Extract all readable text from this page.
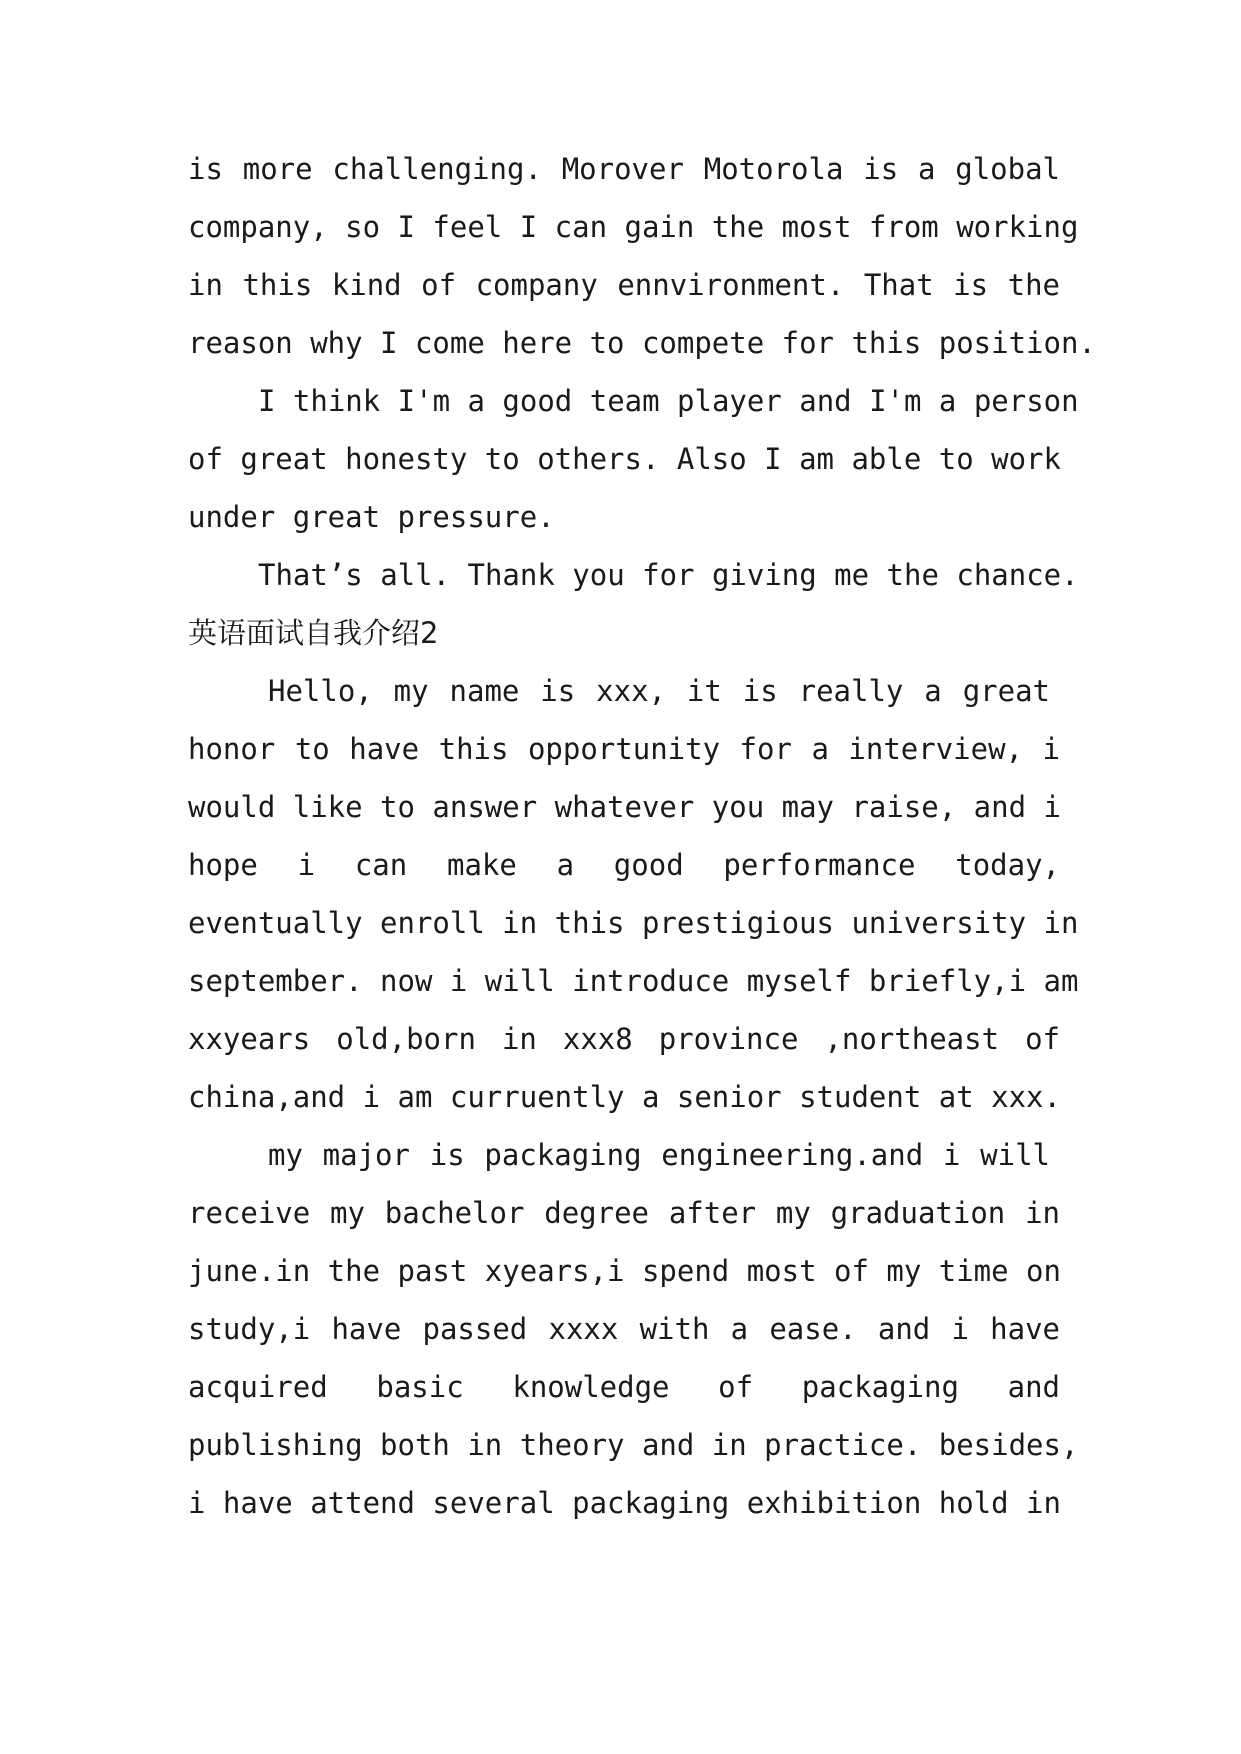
is more challenging. Morover Motorola is a global
company, so I feel I can gain the most from working
in this kind of company ennvironment. That is the
reason why I come here to compete for this position.
I think I'm a good team player and I'm a person
of great honesty to others. Also I am able to work
under great pressure.
That’s all. Thank you for giving me the chance.
英语面试自我介绍2
Hello, my name is xxx, it is really a great
honor to have this opportunity for a interview, i
would like to answer whatever you may raise, and i
hope i can make a good performance today,
eventually enroll in this prestigious university in
september. now i will introduce myself briefly,i am
xxyears old,born in xxx8 province ,northeast of
china,and i am curruently a senior student at xxx.
my major is packaging engineering.and i will
receive my bachelor degree after my graduation in
june.in the past xyears,i spend most of my time on
study,i have passed xxxx with a ease. and i have
acquired basic knowledge of packaging and
publishing both in theory and in practice. besides,
i have attend several packaging exhibition hold in
